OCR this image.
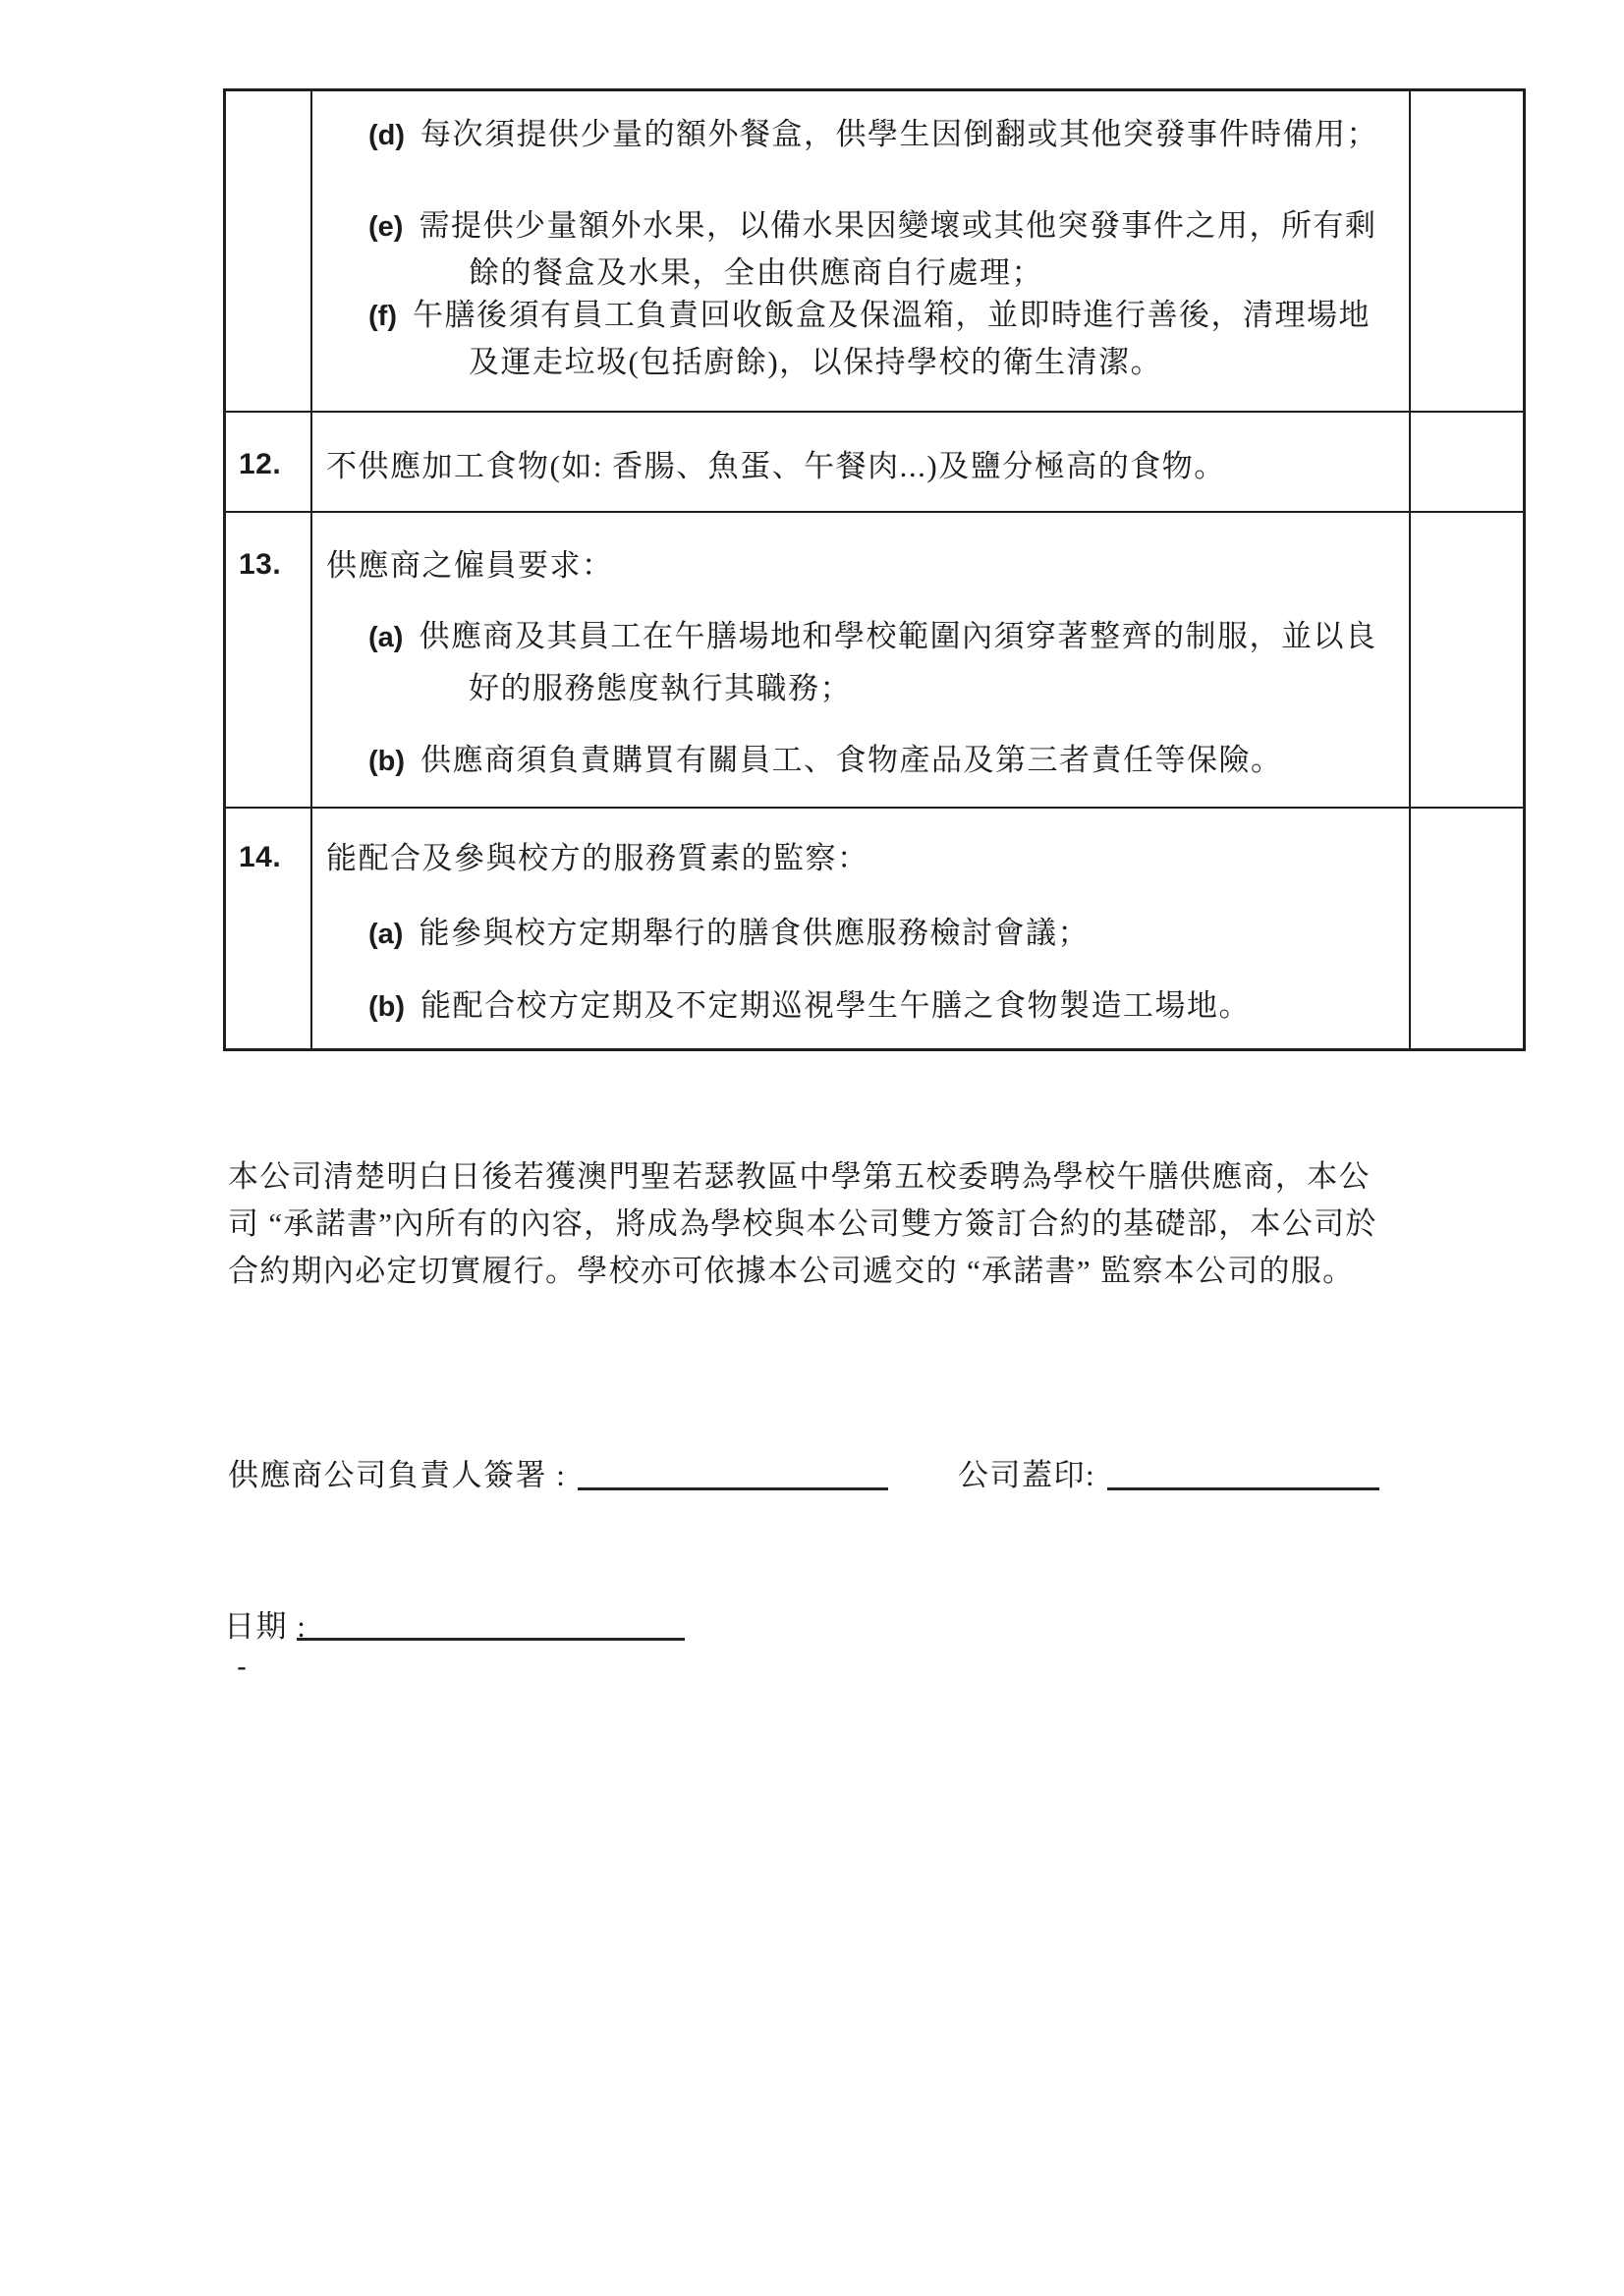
(d) 每次須提供少量的額外餐盒，供學生因倒翻或其他突發事件時備用；
(e) 需提供少量額外水果，以備水果因變壞或其他突發事件之用，所有剩
餘的餐盒及水果，全由供應商自行處理；
(f) 午膳後須有員工負責回收飯盒及保溫箱，並即時進行善後，清理場地
及運走垃圾(包括廚餘)，以保持學校的衛生清潔。
12. 不供應加工食物(如: 香腸、魚蛋、午餐肉...)及鹽分極高的食物。
13. 供應商之僱員要求：
(a) 供應商及其員工在午膳場地和學校範圍內須穿著整齊的制服，並以良
好的服務態度執行其職務；
(b) 供應商須負責購買有關員工、食物產品及第三者責任等保險。
14. 能配合及參與校方的服務質素的監察：
(a) 能參與校方定期舉行的膳食供應服務檢討會議；
(b) 能配合校方定期及不定期巡視學生午膳之食物製造工場地。
本公司清楚明白日後若獲澳門聖若瑟教區中學第五校委聘為學校午膳供應商，本公
司 “承諾書”內所有的內容，將成為學校與本公司雙方簽訂合約的基礎部，本公司於
合約期內必定切實履行。學校亦可依據本公司遞交的 “承諾書” 監察本公司的服。
供應商公司負責人簽署 :	公司蓋印:
日期 :
-
